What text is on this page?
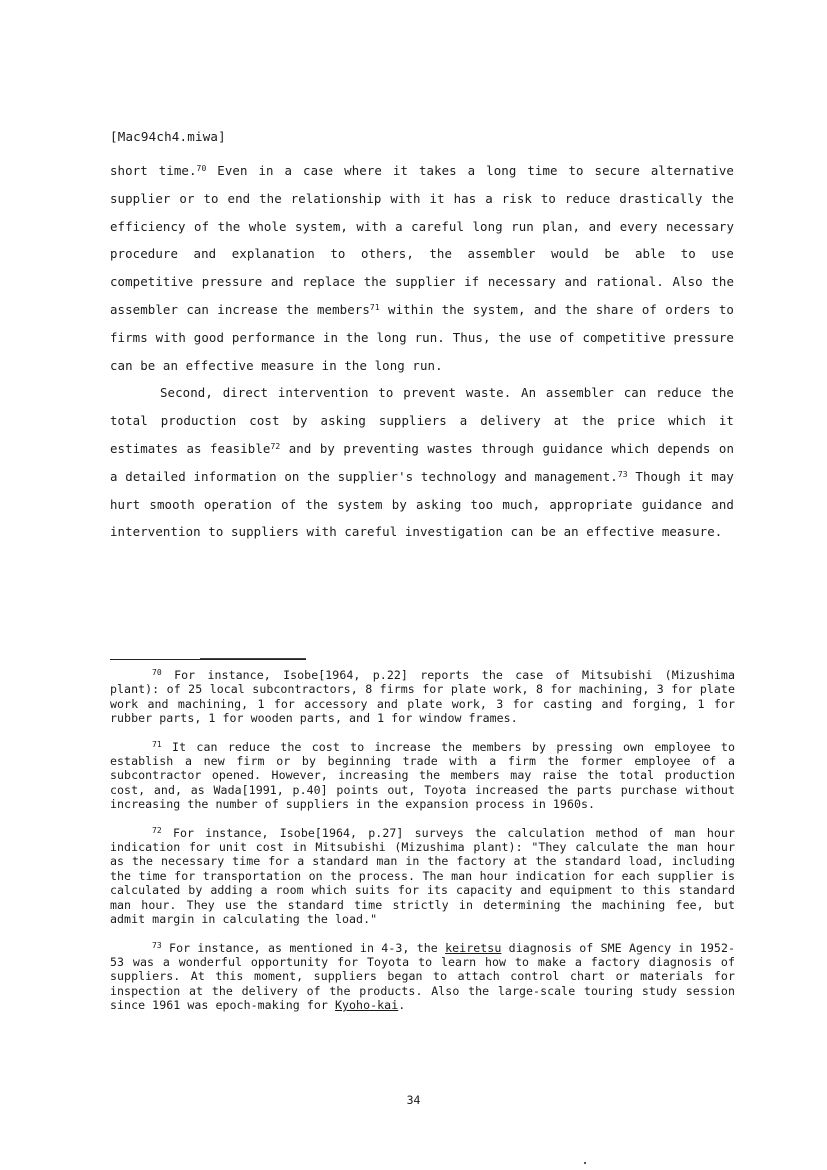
[Mac94ch4.miwa]

short time.$^{70}$ Even in a case where it takes a long time to secure alternative supplier or to end the relationship with it has a risk to reduce drastically the efficiency of the whole system, with a careful long run plan, and every necessary procedure and explanation to others, the assembler would be able to use competitive pressure and replace the supplier if necessary and rational. Also the assembler can increase the members$^{71}$ within the system, and the share of orders to firms with good performance in the long run. Thus, the use of competitive pressure can be an effective measure in the long run.

Second, direct intervention to prevent waste. An assembler can reduce the total production cost by asking suppliers a delivery at the price which it estimates as feasible$^{72}$ and by preventing wastes through guidance which depends on a detailed information on the supplier's technology and management.$^{73}$ Though it may hurt smooth operation of the system by asking too much, appropriate guidance and intervention to suppliers with careful investigation can be an effective measure.

$^{70}$ For instance, Isobe[1964, p.22] reports the case of Mitsubishi (Mizushima plant): of 25 local subcontractors, 8 firms for plate work, 8 for machining, 3 for plate work and machining, 1 for accessory and plate work, 3 for casting and forging, 1 for rubber parts, 1 for wooden parts, and 1 for window frames.

$^{71}$ It can reduce the cost to increase the members by pressing own employee to establish a new firm or by beginning trade with a firm the former employee of a subcontractor opened. However, increasing the members may raise the total production cost, and, as Wada[1991, p.40] points out, Toyota increased the parts purchase without increasing the number of suppliers in the expansion process in 1960s.

$^{72}$ For instance, Isobe[1964, p.27] surveys the calculation method of man hour indication for unit cost in Mitsubishi (Mizushima plant): "They calculate the man hour as the necessary time for a standard man in the factory at the standard load, including the time for transportation on the process. The man hour indication for each supplier is calculated by adding a room which suits for its capacity and equipment to this standard man hour. They use the standard time strictly in determining the machining fee, but admit margin in calculating the load."

$^{73}$ For instance, as mentioned in 4-3, the keiretsu diagnosis of SME Agency in 1952-53 was a wonderful opportunity for Toyota to learn how to make a factory diagnosis of suppliers. At this moment, suppliers began to attach control chart or materials for inspection at the delivery of the products. Also the large-scale touring study session since 1961 was epoch-making for Kyoho-kai.

34
